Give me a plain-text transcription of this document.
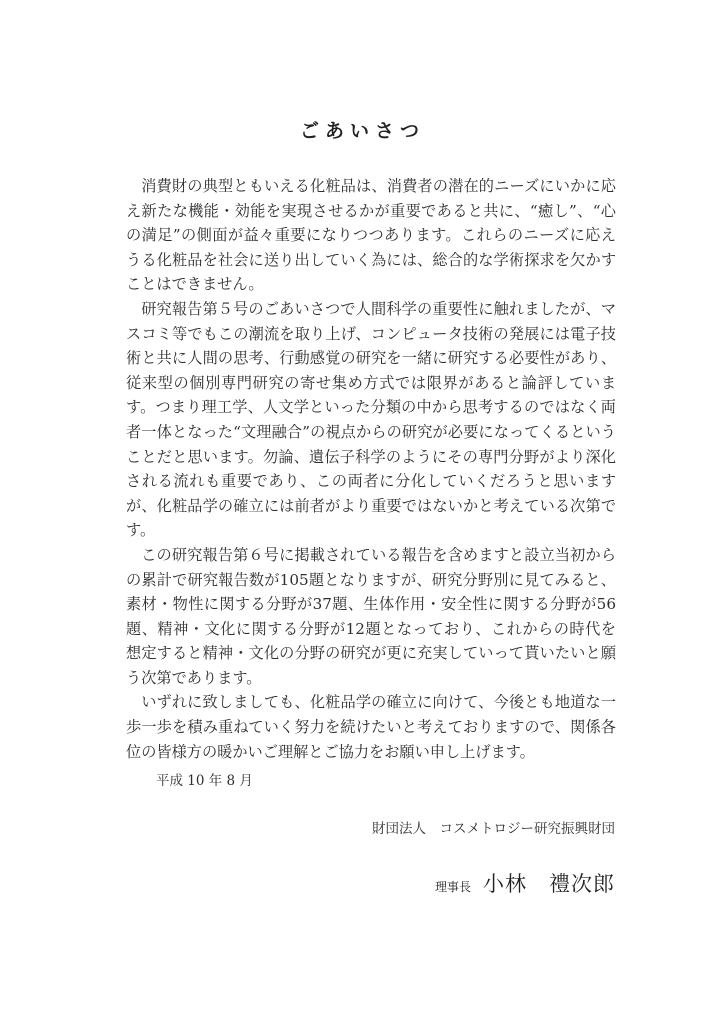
ごあいさつ

消費財の典型ともいえる化粧品は、消費者の潜在的ニーズにいかに応え新たな機能・効能を実現させるかが重要であると共に、“癒し”、“心の満足”の側面が益々重要になりつつあります。これらのニーズに応えうる化粧品を社会に送り出していく為には、総合的な学術探求を欠かすことはできません。

研究報告第５号のごあいさつで人間科学の重要性に触れましたが、マスコミ等でもこの潮流を取り上げ、コンピュータ技術の発展には電子技術と共に人間の思考、行動感覚の研究を一緒に研究する必要性があり、従来型の個別専門研究の寄せ集め方式では限界があると論評しています。つまり理工学、人文学といった分類の中から思考するのではなく両者一体となった“文理融合”の視点からの研究が必要になってくるということだと思います。勿論、遺伝子科学のようにその専門分野がより深化される流れも重要であり、この両者に分化していくだろうと思いますが、化粧品学の確立には前者がより重要ではないかと考えている次第です。

この研究報告第６号に掲載されている報告を含めますと設立当初からの累計で研究報告数が105題となりますが、研究分野別に見てみると、素材・物性に関する分野が37題、生体作用・安全性に関する分野が56題、精神・文化に関する分野が12題となっており、これからの時代を想定すると精神・文化の分野の研究が更に充実していって貰いたいと願う次第であります。

いずれに致しましても、化粧品学の確立に向けて、今後とも地道な一歩一歩を積み重ねていく努力を続けたいと考えておりますので、関係各位の皆様方の暖かいご理解とご協力をお願い申し上げます。

平成 10 年 8 月
財団法人　コスメトロジー研究振興財団
理事長 小林　禮次郎
